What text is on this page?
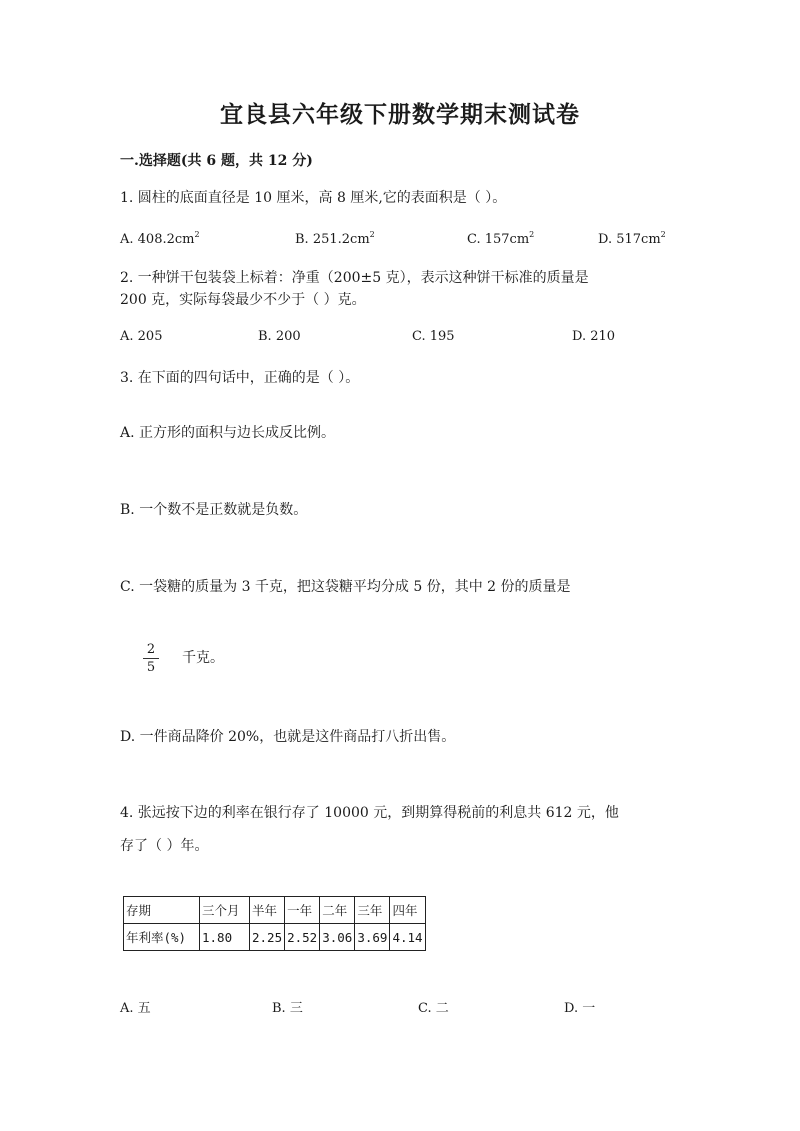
宜良县六年级下册数学期末测试卷
一.选择题(共 6 题，共 12 分)
1. 圆柱的底面直径是 10 厘米，高 8 厘米,它的表面积是（ ）。
A. $408.2cm^2$	B. $251.2cm^2$	C. $157cm^2$	D. $517cm^2$
2. 一种饼干包装袋上标着：净重（200±5 克），表示这种饼干标准的质量是
200 克，实际每袋最少不少于（ ）克。
A. 205	B. 200	C. 195	D. 210
3. 在下面的四句话中，正确的是（ ）。
A. 正方形的面积与边长成反比例。
B. 一个数不是正数就是负数。
C. 一袋糖的质量为 3 千克，把这袋糖平均分成 5 份，其中 2 份的质量是
2
5
千克。
D. 一件商品降价 20%，也就是这件商品打八折出售。
4. 张远按下边的利率在银行存了 10000 元，到期算得税前的利息共 612 元，他
存了（ ）年。
存期	三个月	半年	一年	二年	三年	四年
年利率(%)	1.80	2.25	2.52	3.06	3.69	4.14
A. 五	B. 三	C. 二	D. 一
